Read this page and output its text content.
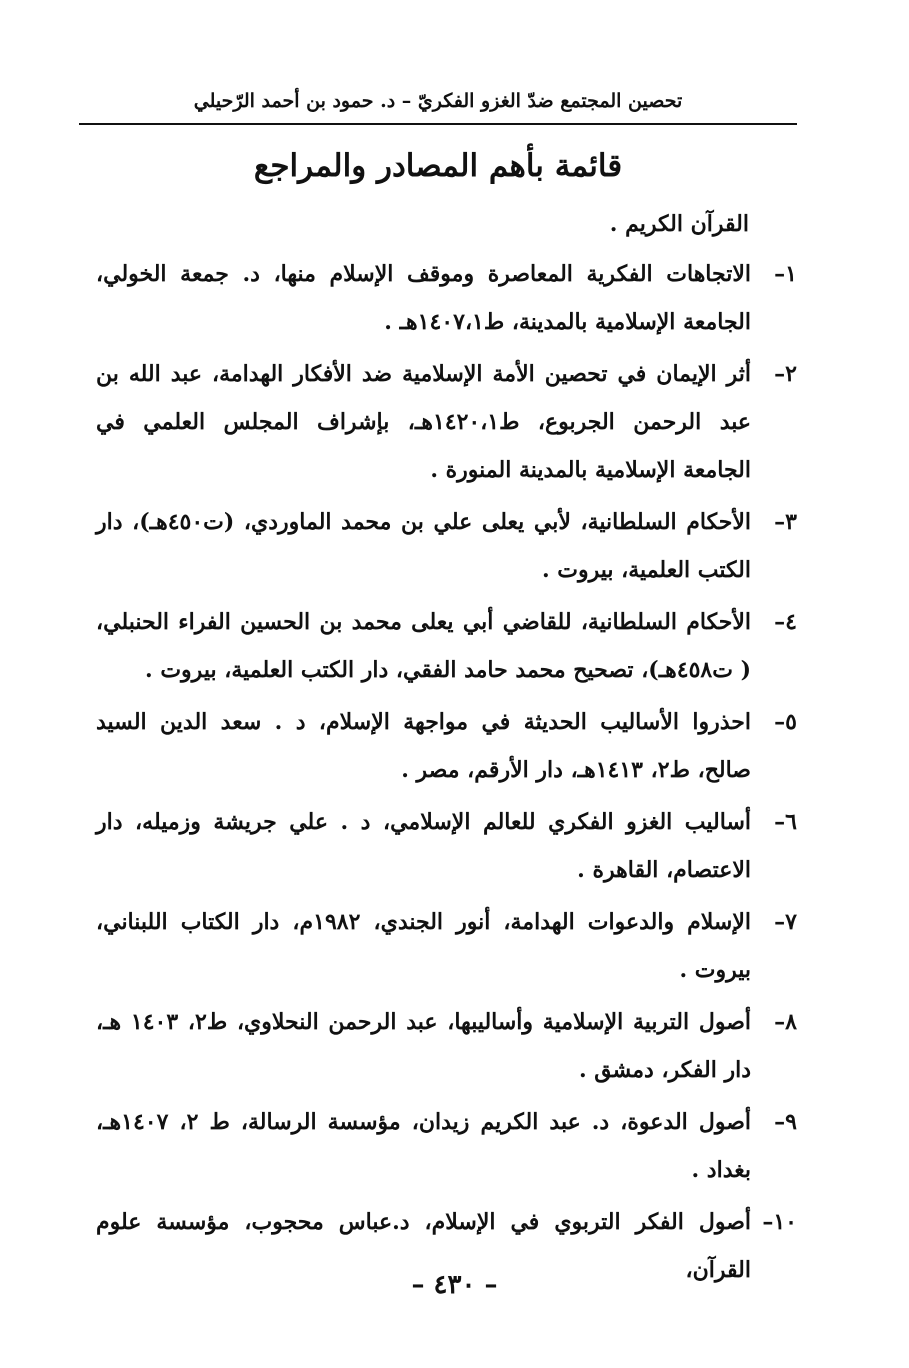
تحصين المجتمع ضدّ الغزو الفكريّ – د. حمود بن أحمد الرّحيلي
قائمة بأهم المصادر والمراجع
القرآن الكريم .
١–
الاتجاهات الفكرية المعاصرة وموقف الإسلام منها، د. جمعة الخولي، الجامعة الإسلامية بالمدينة، ط١٤٠٧،١هـ .
٢–
أثر الإيمان في تحصين الأمة الإسلامية ضد الأفكار الهدامة، عبد الله بن عبد الرحمن الجربوع، ط١٤٢٠،١هـ، بإشراف المجلس العلمي في الجامعة الإسلامية بالمدينة المنورة .
٣–
الأحكام السلطانية، لأبي يعلى علي بن محمد الماوردي، (ت٤٥٠هـ)، دار الكتب العلمية، بيروت .
٤–
الأحكام السلطانية، للقاضي أبي يعلى محمد بن الحسين الفراء الحنبلي، ( ت٤٥٨هـ)، تصحيح محمد حامد الفقي، دار الكتب العلمية، بيروت .
٥–
احذروا الأساليب الحديثة في مواجهة الإسلام، د . سعد الدين السيد صالح، ط٢، ١٤١٣هـ، دار الأرقم، مصر .
٦–
أساليب الغزو الفكري للعالم الإسلامي، د . علي جريشة وزميله، دار الاعتصام، القاهرة .
٧–
الإسلام والدعوات الهدامة، أنور الجندي، ١٩٨٢م، دار الكتاب اللبناني، بيروت .
٨–
أصول التربية الإسلامية وأساليبها، عبد الرحمن النحلاوي، ط٢، ١٤٠٣ هـ، دار الفكر، دمشق .
٩–
أصول الدعوة، د. عبد الكريم زيدان، مؤسسة الرسالة، ط ٢، ١٤٠٧هـ، بغداد .
١٠–
أصول الفكر التربوي في الإسلام، د.عباس محجوب، مؤسسة علوم القرآن،
– ٤٣٠ –
